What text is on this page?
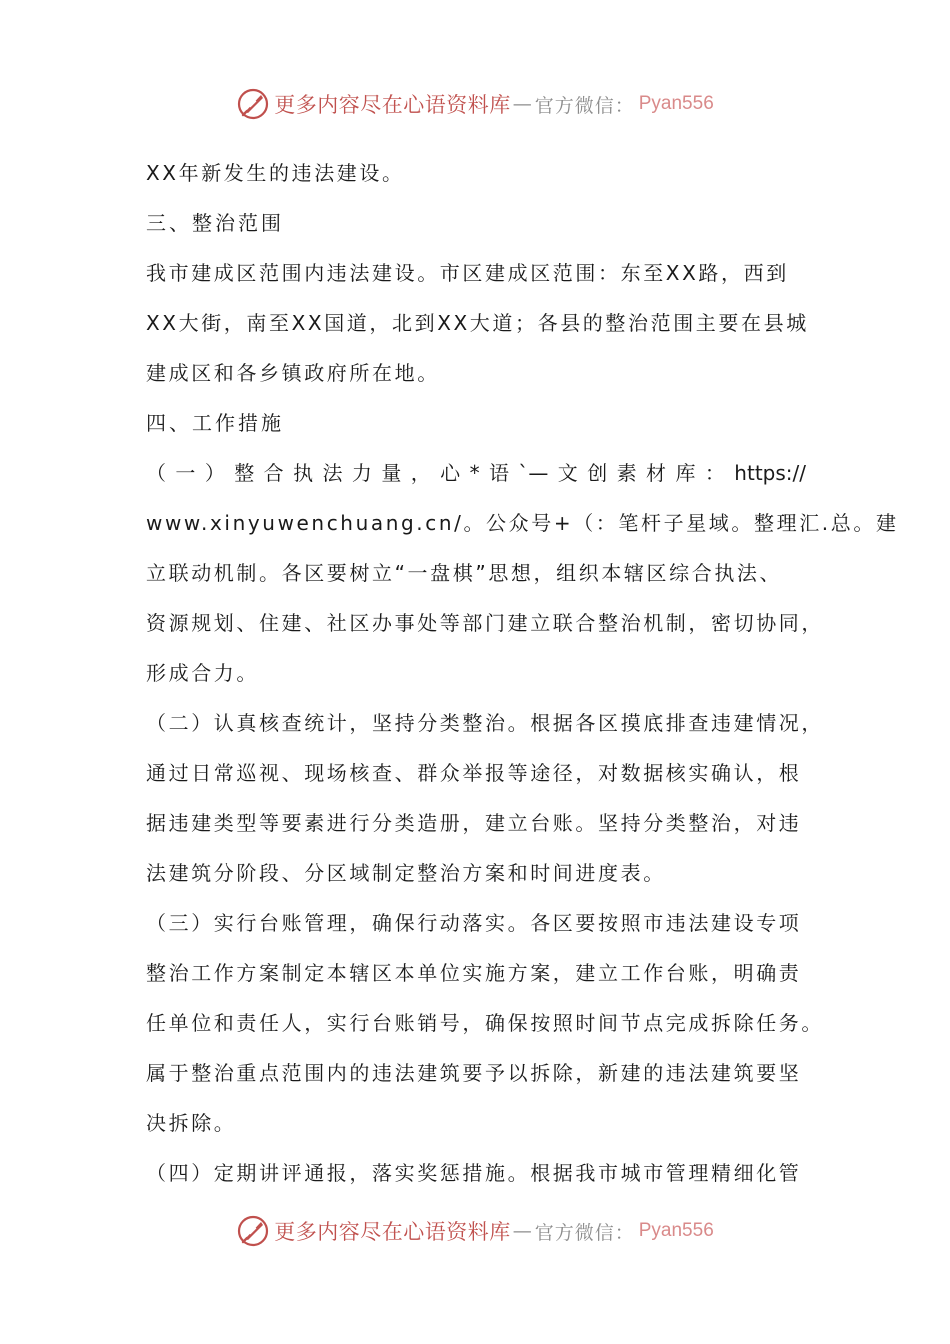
更多内容尽在心语资料库 — 官方微信： Pyan556
XX年新发生的违法建设。
三、整治范围
我市建成区范围内违法建设。市区建成区范围：东至XX路，西到
XX大街，南至XX国道，北到XX大道；各县的整治范围主要在县城
建成区和各乡镇政府所在地。
四、工作措施
（一）整合执法力量，心*语`—文创素材库：https://
www.xinyuwenchuang.cn/。公众号+（：笔杆子星域。整理汇.总。建
立联动机制。各区要树立“一盘棋”思想，组织本辖区综合执法、
资源规划、住建、社区办事处等部门建立联合整治机制，密切协同，
形成合力。
（二）认真核查统计，坚持分类整治。根据各区摸底排查违建情况，
通过日常巡视、现场核查、群众举报等途径，对数据核实确认，根
据违建类型等要素进行分类造册，建立台账。坚持分类整治，对违
法建筑分阶段、分区域制定整治方案和时间进度表。
（三）实行台账管理，确保行动落实。各区要按照市违法建设专项
整治工作方案制定本辖区本单位实施方案，建立工作台账，明确责
任单位和责任人，实行台账销号，确保按照时间节点完成拆除任务。
属于整治重点范围内的违法建筑要予以拆除，新建的违法建筑要坚
决拆除。
（四）定期讲评通报，落实奖惩措施。根据我市城市管理精细化管
更多内容尽在心语资料库 — 官方微信： Pyan556
